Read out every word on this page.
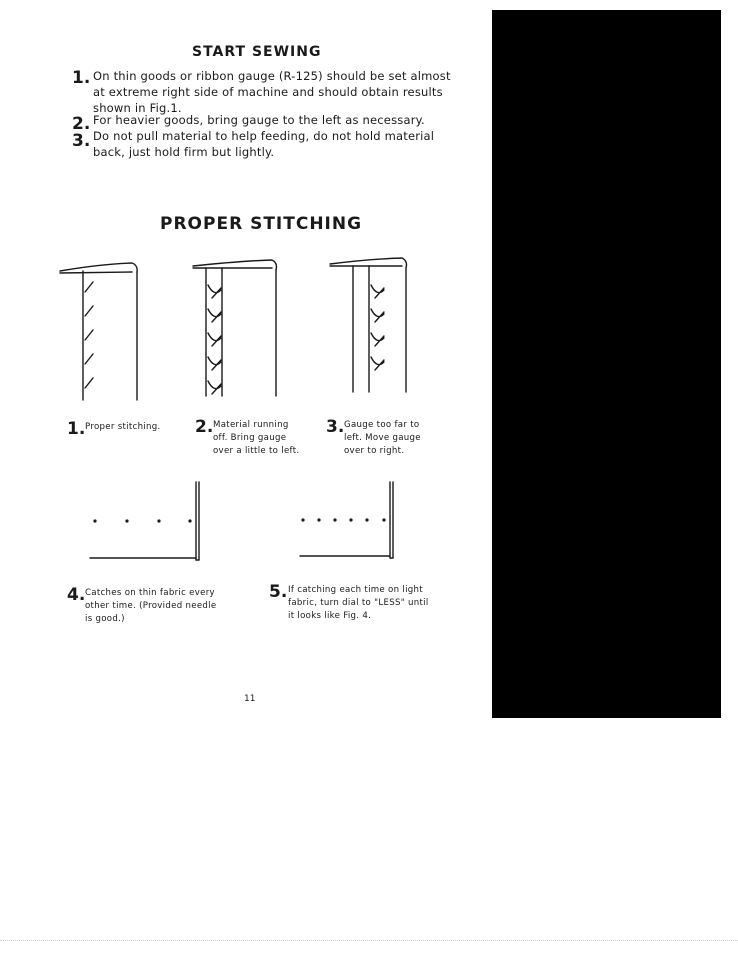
START SEWING
1. On thin goods or ribbon gauge (R-125) should be set almost
at extreme right side of machine and should obtain results
shown in Fig.1.
2. For heavier goods, bring gauge to the left as necessary.
3. Do not pull material to help feeding, do not hold material
back, just hold firm but lightly.
PROPER STITCHING
1. Proper stitching. 2. Material running
off. Bring gauge
over a little to left.
3. Gauge too far to
left. Move gauge
over to right.
4. Catches on thin fabric every
other time. (Provided needle
is good.)
5. If catching each time on light
fabric, turn dial to "LESS" until
it looks like Fig. 4.
11
